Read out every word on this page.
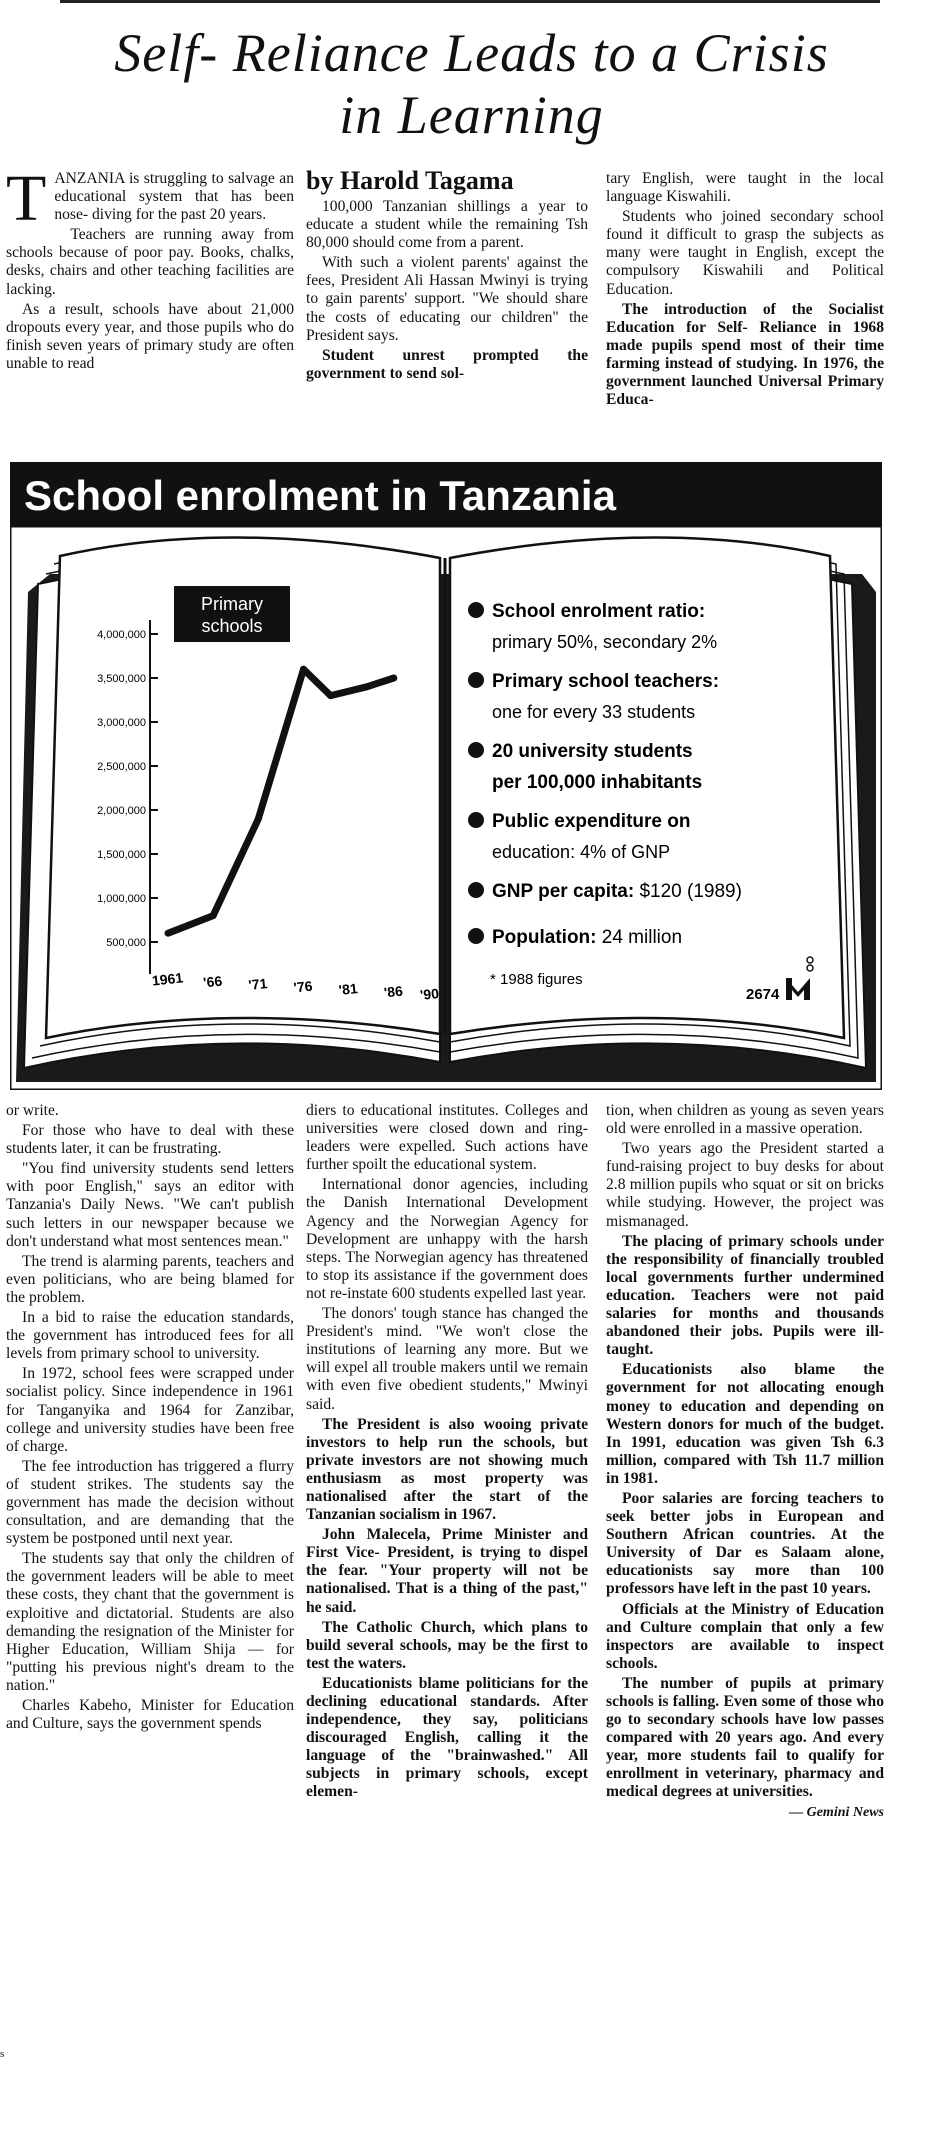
Self- Reliance Leads to a Crisis
in Learning

TANZANIA is struggling to salvage an educational system that has been nose- diving for the past 20 years.

Teachers are running away from schools because of poor pay. Books, chalks, desks, chairs and other teaching facilities are lacking.

As a result, schools have about 21,000 dropouts every year, and those pupils who do finish seven years of primary study are often unable to read

by Harold Tagama

100,000 Tanzanian shillings a year to educate a student while the remaining Tsh 80,000 should come from a parent.

With such a violent parents' against the fees, President Ali Hassan Mwinyi is trying to gain parents' support. "We should share the costs of educating our children" the President says.

Student unrest prompted the government to send sol-

tary English, were taught in the local language Kiswahili.

Students who joined secondary school found it difficult to grasp the subjects as many were taught in English, except the compulsory Kiswahili and Political Education.

The introduction of the Socialist Education for Self- Reliance in 1968 made pupils spend most of their time farming instead of studying. In 1976, the government launched Universal Primary Educa-

School enrolment in Tanzania
4,000,000
3,500,000
3,000,000
2,500,000
2,000,000
1,500,000
1,000,000
500,000
1961 '66 '71 '76 '81 '86 '90
Primary
schools
School enrolment ratio:
primary 50%, secondary 2%
Primary school teachers:
one for every 33 students
20 university students
per 100,000 inhabitants
Public expenditure on
education: 4% of GNP
GNP per capita: $120 (1989)
Population: 24 million
* 1988 figures
2674

or write.

For those who have to deal with these students later, it can be frustrating.

"You find university students send letters with poor English," says an editor with Tanzania's Daily News. "We can't publish such letters in our newspaper because we don't understand what most sentences mean."

The trend is alarming parents, teachers and even politicians, who are being blamed for the problem.

In a bid to raise the education standards, the government has introduced fees for all levels from primary school to university.

In 1972, school fees were scrapped under socialist policy. Since independence in 1961 for Tanganyika and 1964 for Zanzibar, college and university studies have been free of charge.

The fee introduction has triggered a flurry of student strikes. The students say the government has made the decision without consultation, and are demanding that the system be postponed until next year.

The students say that only the children of the government leaders will be able to meet these costs, they chant that the government is exploitive and dictatorial. Students are also demanding the resignation of the Minister for Higher Education, William Shija — for "putting his previous night's dream to the nation."

Charles Kabeho, Minister for Education and Culture, says the government spends

diers to educational institutes. Colleges and universities were closed down and ring-leaders were expelled. Such actions have further spoilt the educational system.

International donor agencies, including the Danish International Development Agency and the Norwegian Agency for Development are unhappy with the harsh steps. The Norwegian agency has threatened to stop its assistance if the government does not re-instate 600 students expelled last year.

The donors' tough stance has changed the President's mind. "We won't close the institutions of learning any more. But we will expel all trouble makers until we remain with even five obedient students," Mwinyi said.

The President is also wooing private investors to help run the schools, but private investors are not showing much enthusiasm as most property was nationalised after the start of the Tanzanian socialism in 1967.

John Malecela, Prime Minister and First Vice- President, is trying to dispel the fear. "Your property will not be nationalised. That is a thing of the past," he said.

The Catholic Church, which plans to build several schools, may be the first to test the waters.

Educationists blame politicians for the declining educational standards. After independence, they say, politicians discouraged English, calling it the language of the "brainwashed." All subjects in primary schools, except elemen-

tion, when children as young as seven years old were enrolled in a massive operation.

Two years ago the President started a fund-raising project to buy desks for about 2.8 million pupils who squat or sit on bricks while studying. However, the project was mismanaged.

The placing of primary schools under the responsibility of financially troubled local governments further undermined education. Teachers were not paid salaries for months and thousands abandoned their jobs. Pupils were ill- taught.

Educationists also blame the government for not allocating enough money to education and depending on Western donors for much of the budget. In 1991, education was given Tsh 6.3 million, compared with Tsh 11.7 million in 1981.

Poor salaries are forcing teachers to seek better jobs in European and Southern African countries. At the University of Dar es Salaam alone, educationists say more than 100 professors have left in the past 10 years.

Officials at the Ministry of Education and Culture complain that only a few inspectors are available to inspect schools.

The number of pupils at primary schools is falling. Even some of those who go to secondary schools have low passes compared with 20 years ago. And every year, more students fail to qualify for enrollment in veterinary, pharmacy and medical degrees at universities.

— Gemini News

s
